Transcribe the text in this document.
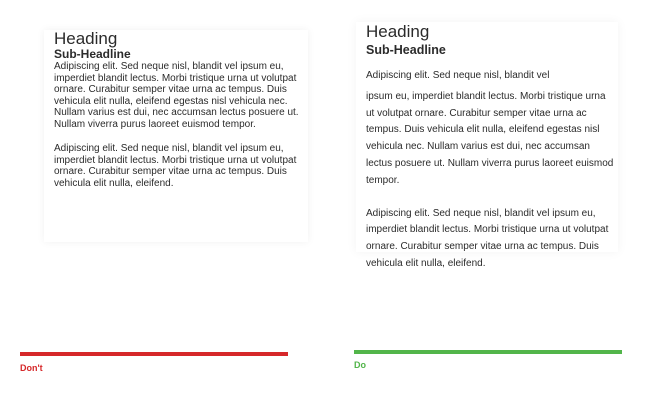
Heading
Sub-Headline

Adipiscing elit. Sed neque nisl, blandit vel ipsum eu, imperdiet blandit lectus. Morbi tristique urna ut volutpat ornare. Curabitur semper vitae urna ac tempus. Duis vehicula elit nulla, eleifend egestas nisl vehicula nec. Nullam varius est dui, nec accumsan lectus posuere ut. Nullam viverra purus laoreet euismod tempor.

Adipiscing elit. Sed neque nisl, blandit vel ipsum eu, imperdiet blandit lectus. Morbi tristique urna ut volutpat ornare. Curabitur semper vitae urna ac tempus. Duis vehicula elit nulla, eleifend.

Heading
Sub-Headline

Adipiscing elit. Sed neque nisl, blandit vel

ipsum eu, imperdiet blandit lectus. Morbi tristique urna ut volutpat ornare. Curabitur semper vitae urna ac tempus. Duis vehicula elit nulla, eleifend egestas nisl vehicula nec. Nullam varius est dui, nec accumsan lectus posuere ut. Nullam viverra purus laoreet euismod tempor.

Adipiscing elit. Sed neque nisl, blandit vel ipsum eu, imperdiet blandit lectus. Morbi tristique urna ut volutpat ornare. Curabitur semper vitae urna ac tempus. Duis vehicula elit nulla, eleifend.

Don't	Do
